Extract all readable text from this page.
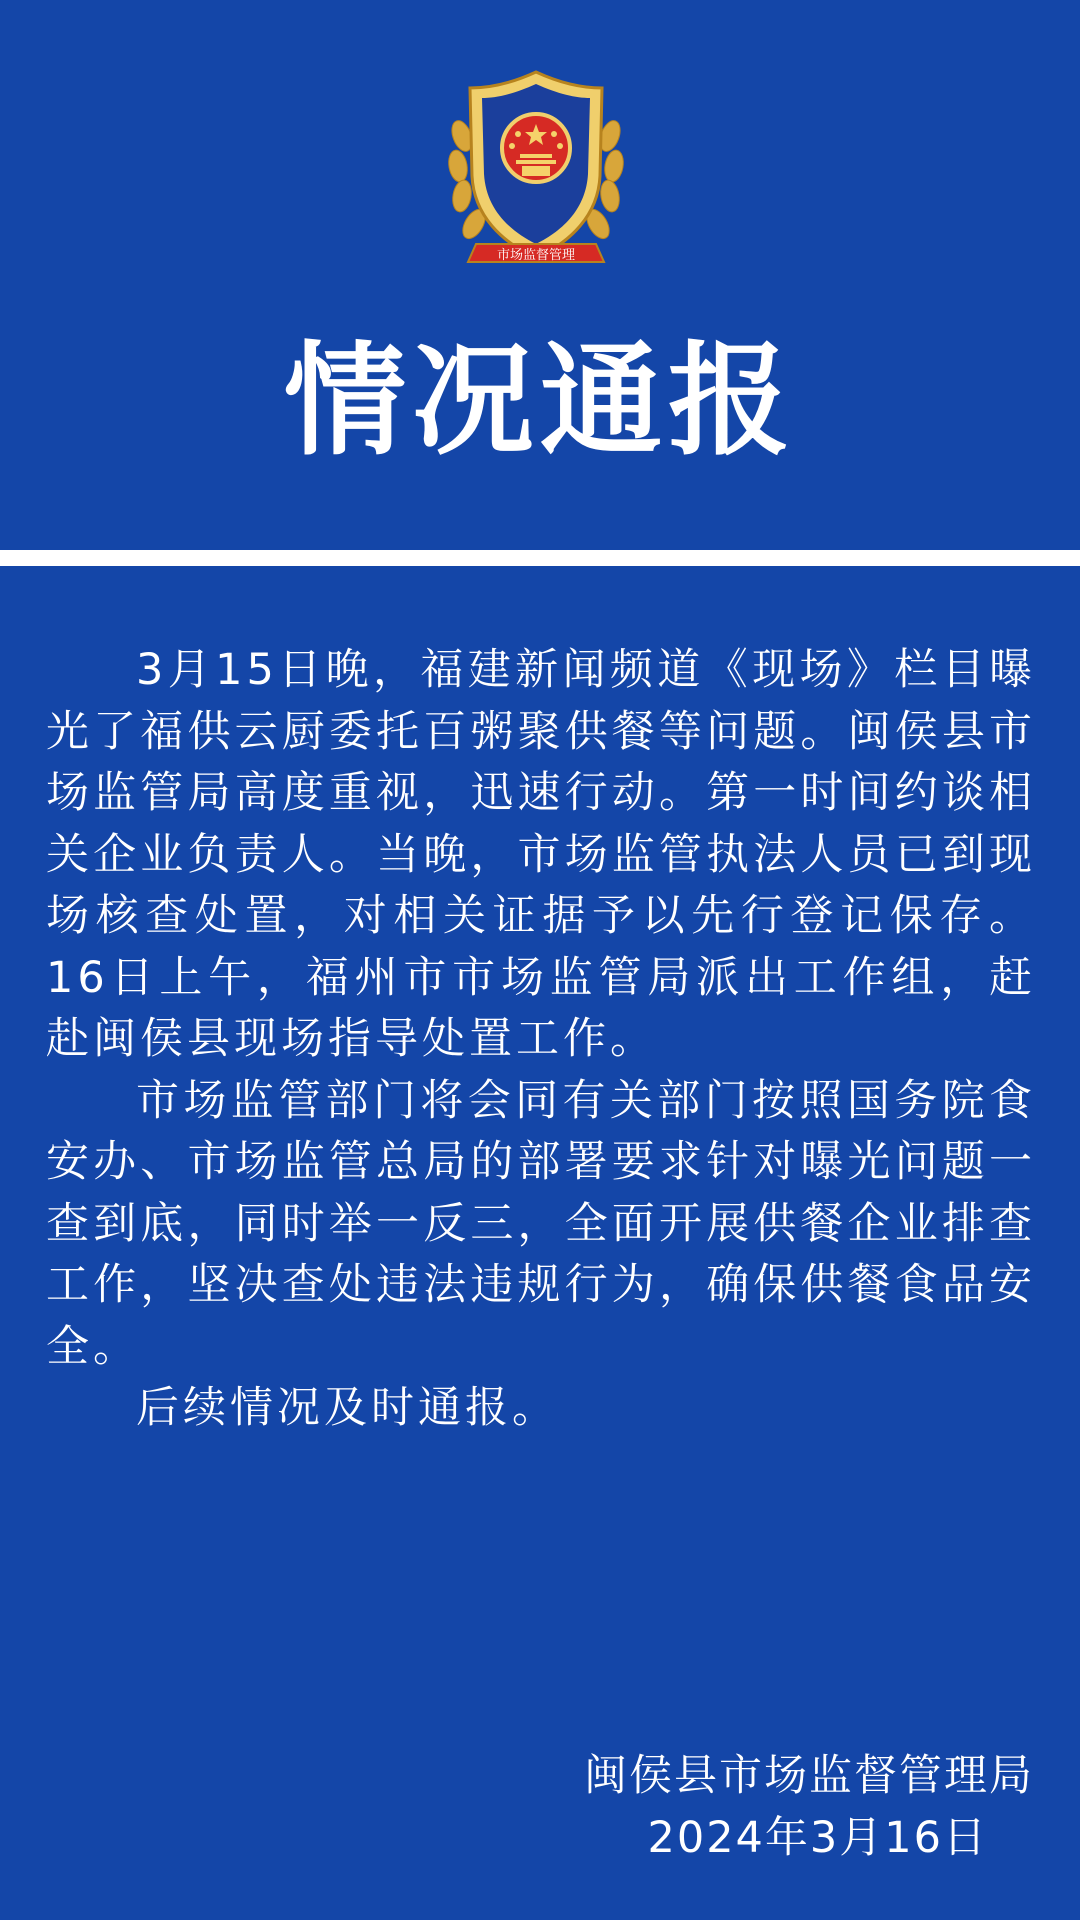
市场监督管理
情况通报

3月15日晚，福建新闻频道《现场》栏目曝光了福供云厨委托百粥聚供餐等问题。闽侯县市场监管局高度重视，迅速行动。第一时间约谈相关企业负责人。当晚，市场监管执法人员已到现场核查处置，对相关证据予以先行登记保存。16日上午，福州市市场监管局派出工作组，赶赴闽侯县现场指导处置工作。

市场监管部门将会同有关部门按照国务院食安办、市场监管总局的部署要求针对曝光问题一查到底，同时举一反三，全面开展供餐企业排查工作，坚决查处违法违规行为，确保供餐食品安全。

后续情况及时通报。

闽侯县市场监督管理局
2024年3月16日
